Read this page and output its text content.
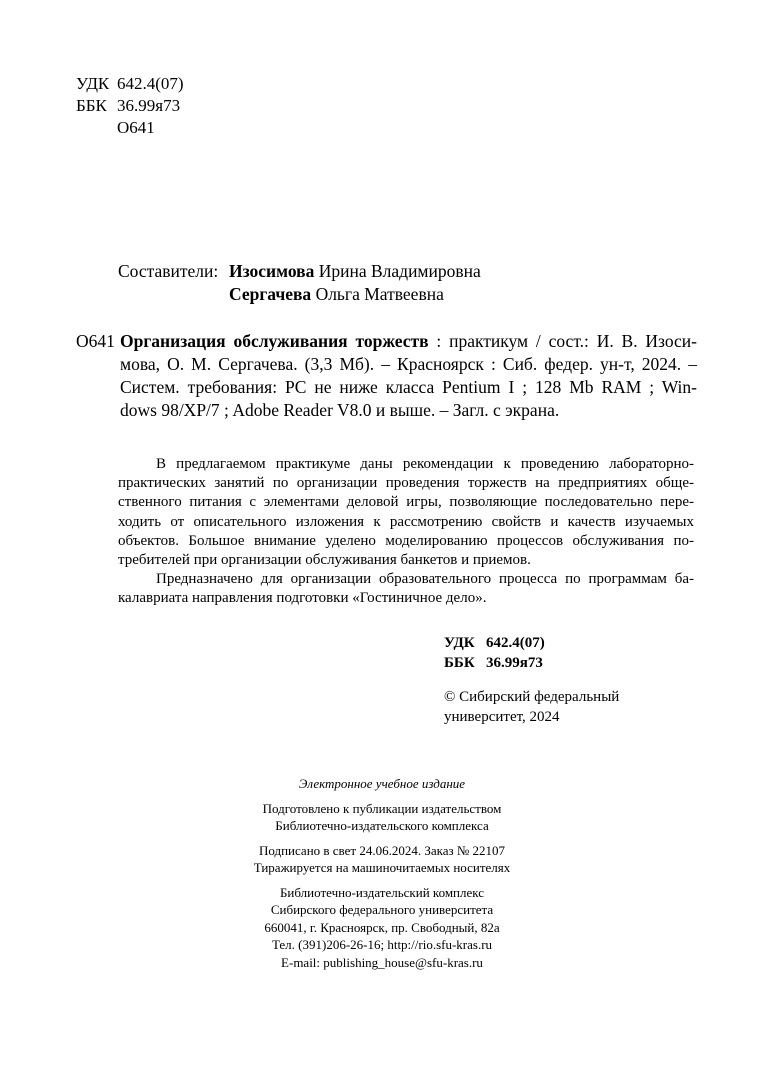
УДК 642.4(07)
ББК 36.99я73
О641
Составители: Изосимова Ирина Владимировна
Сергачева Ольга Матвеевна
О641 Организация обслуживания торжеств : практикум / сост.: И. В. Изоси-
мова, О. М. Сергачева. (3,3 Мб). – Красноярск : Сиб. федер. ун-т, 2024. –
Систем. требования: PC не ниже класса Pentium I ; 128 Mb RAM ; Win-
dows 98/XP/7 ; Adobe Reader V8.0 и выше. – Загл. с экрана.

В предлагаемом практикуме даны рекомендации к проведению лабораторно-

практических занятий по организации проведения торжеств на предприятиях обще-

ственного питания с элементами деловой игры, позволяющие последовательно пере-

ходить от описательного изложения к рассмотрению свойств и качеств изучаемых

объектов. Большое внимание уделено моделированию процессов обслуживания по-

требителей при организации обслуживания банкетов и приемов.

Предназначено для организации образовательного процесса по программам ба-

калавриата направления подготовки «Гостиничное дело».

УДК 642.4(07)
ББК 36.99я73
© Сибирский федеральный
университет, 2024
Электронное учебное издание
Подготовлено к публикации издательством
Библиотечно-издательского комплекса
Подписано в свет 24.06.2024. Заказ № 22107
Тиражируется на машиночитаемых носителях
Библиотечно-издательский комплекс
Сибирского федерального университета
660041, г. Красноярск, пр. Свободный, 82а
Тел. (391)206-26-16; http://rio.sfu-kras.ru
E-mail: publishing_house@sfu-kras.ru
